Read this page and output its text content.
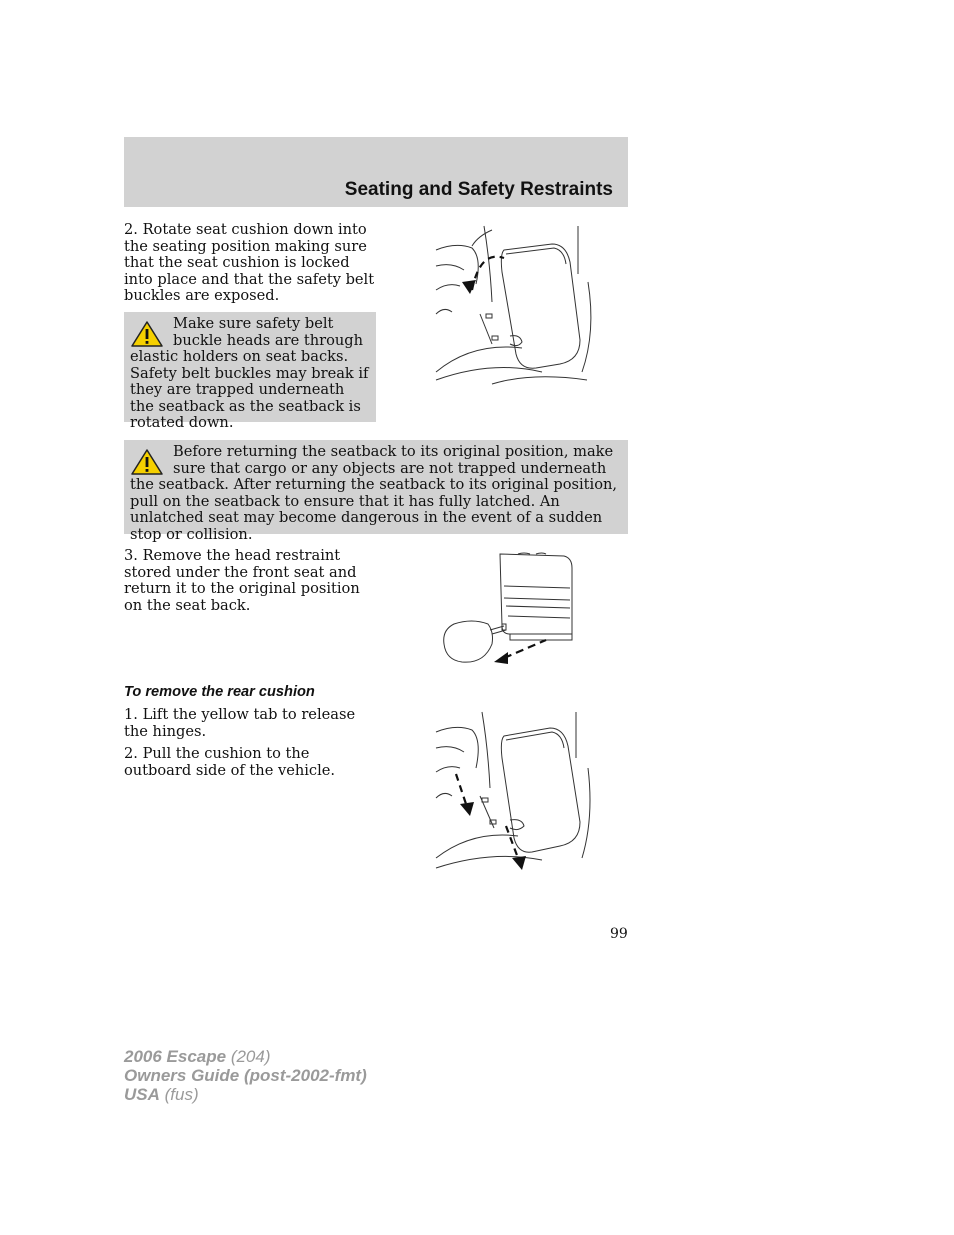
Seating and Safety Restraints

2. Rotate seat cushion down into the seating position making sure that the seat cushion is locked into place and that the safety belt buckles are exposed.

Make sure safety belt buckle heads are through elastic holders on seat backs. Safety belt buckles may break if they are trapped underneath the seatback as the seatback is rotated down.
Before returning the seatback to its original position, make sure that cargo or any objects are not trapped underneath the seatback. After returning the seatback to its original position, pull on the seatback to ensure that it has fully latched. An unlatched seat may become dangerous in the event of a sudden stop or collision.

3. Remove the head restraint stored under the front seat and return it to the original position on the seat back.

To remove the rear cushion

1. Lift the yellow tab to release the hinges.

2. Pull the cushion to the outboard side of the vehicle.

99
2006 Escape (204)
Owners Guide (post-2002-fmt)
USA (fus)
